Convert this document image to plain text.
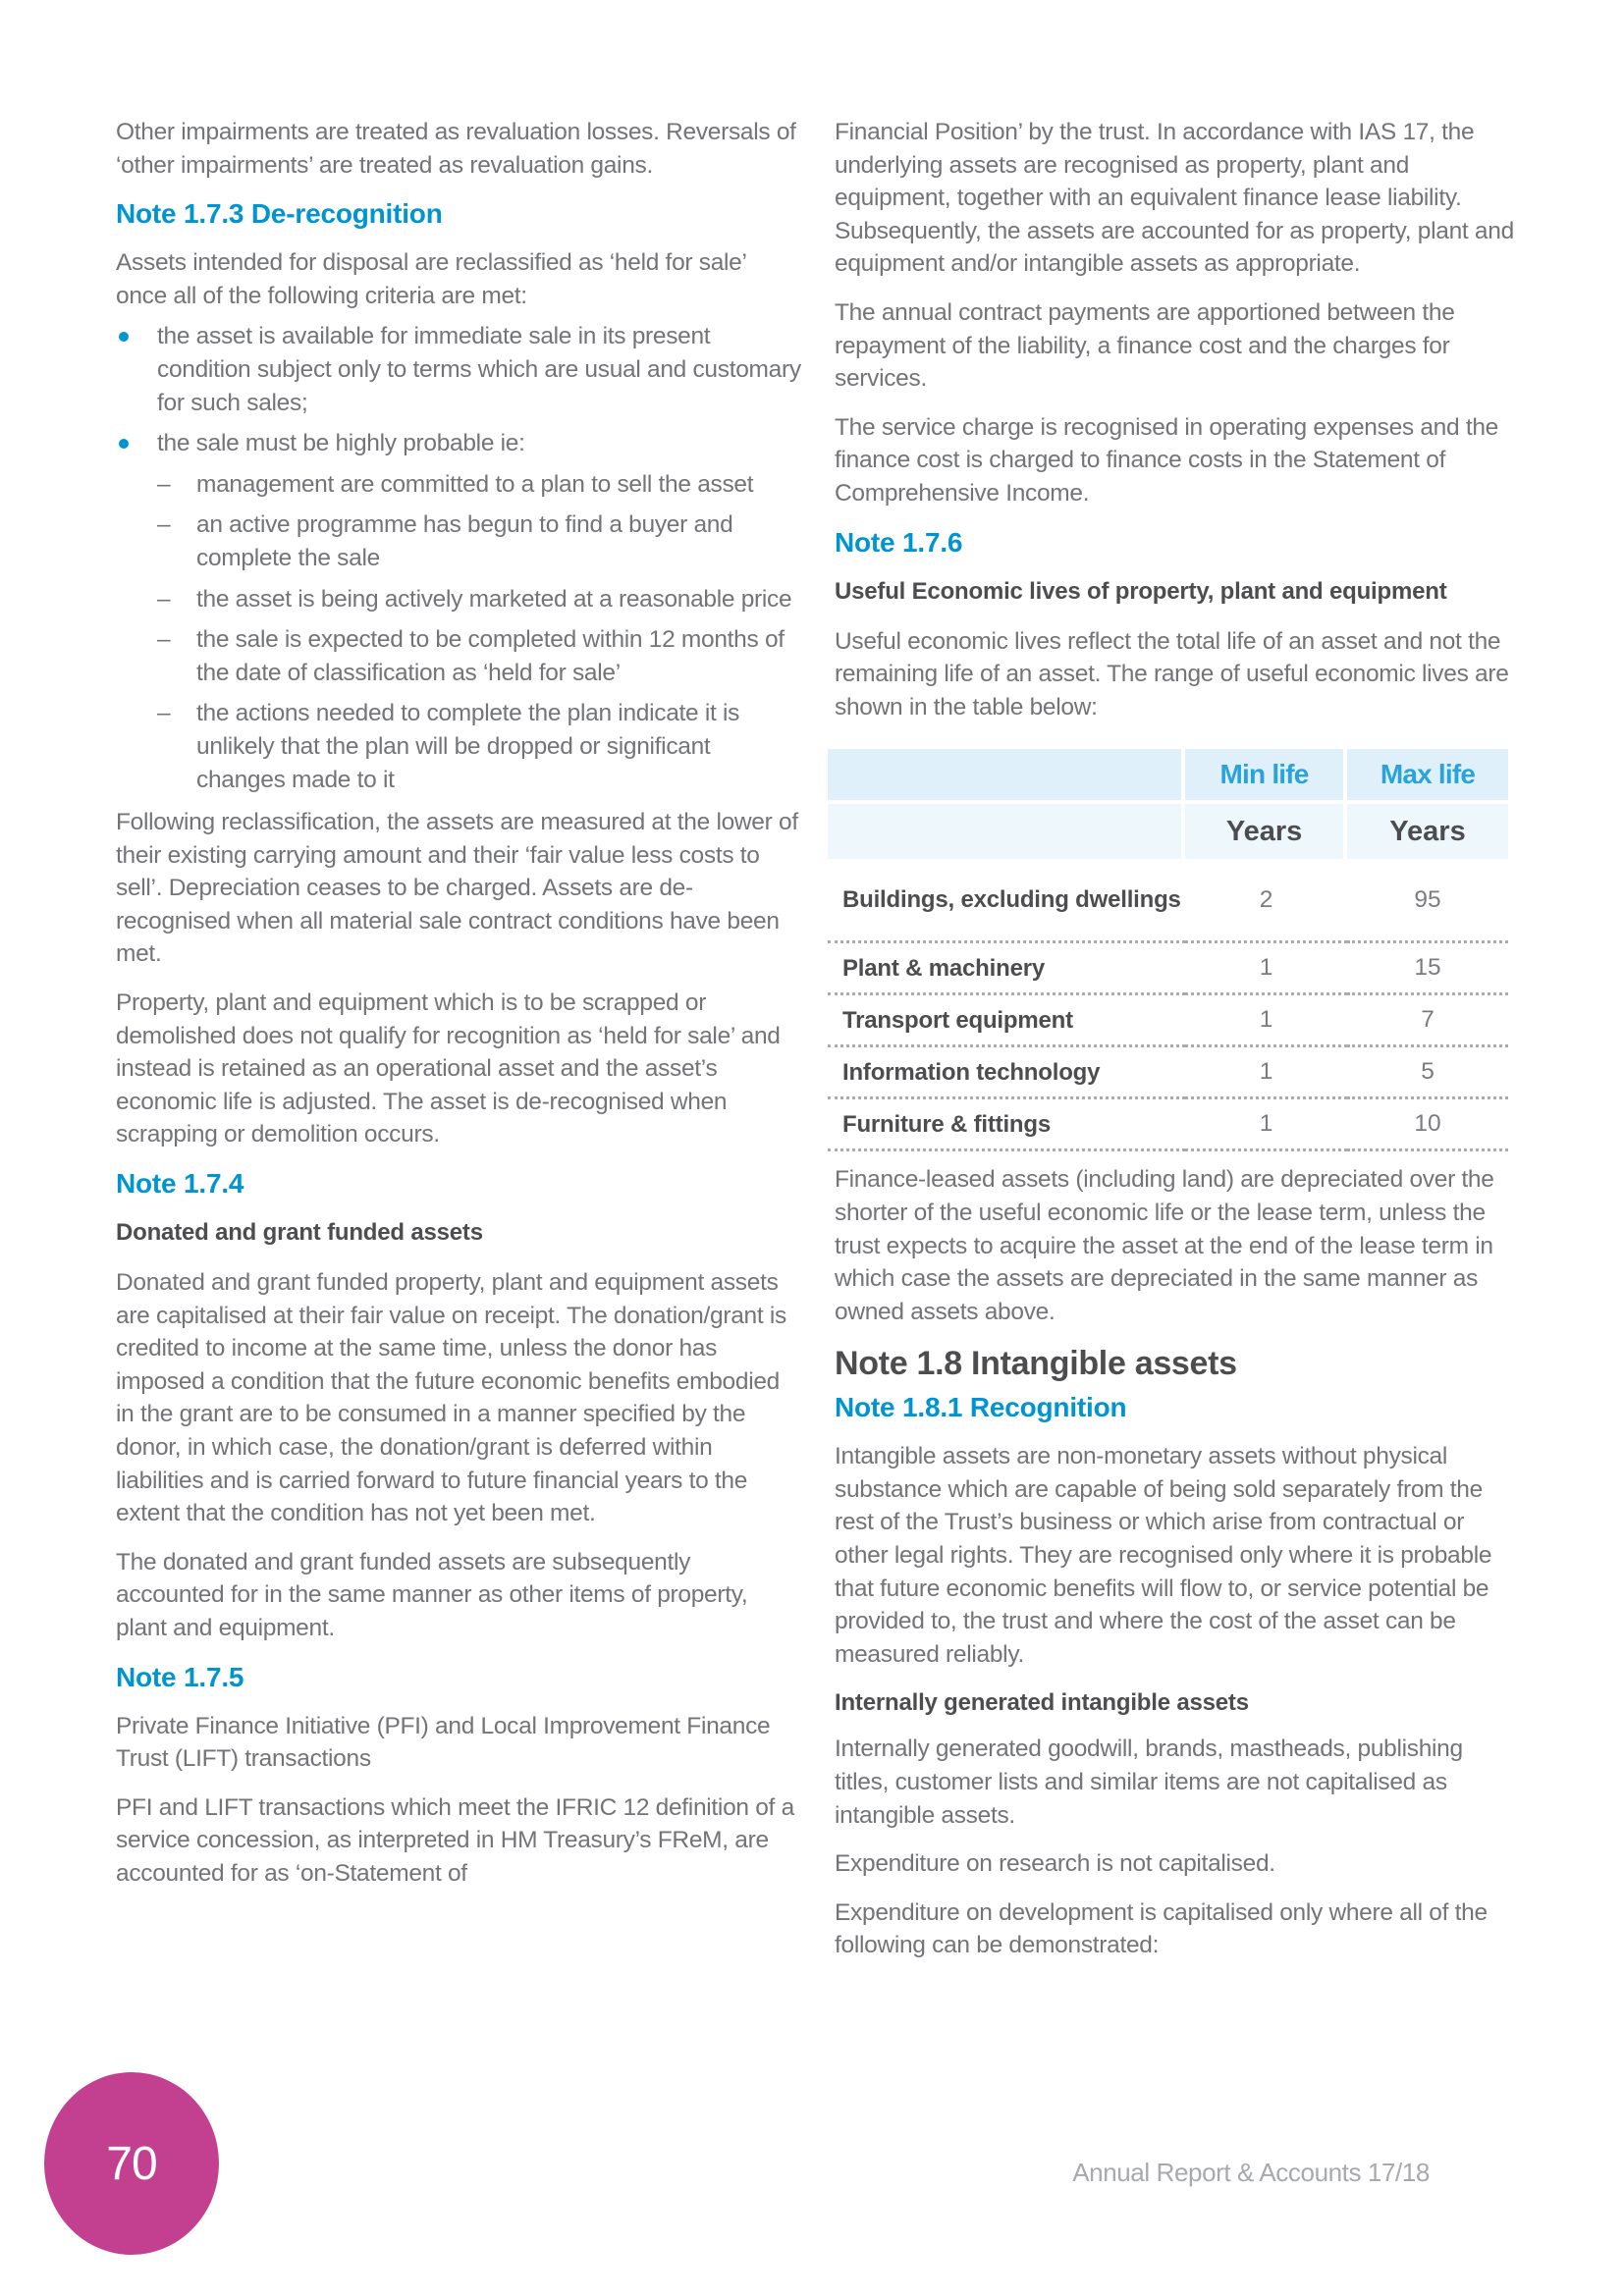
Other impairments are treated as revaluation losses. Reversals of ‘other impairments’ are treated as revaluation gains.

Note 1.7.3 De-recognition

Assets intended for disposal are reclassified as ‘held for sale’ once all of the following criteria are met:

the asset is available for immediate sale in its present condition subject only to terms which are usual and customary for such sales;
the sale must be highly probable ie:
– management are committed to a plan to sell the asset
– an active programme has begun to find a buyer and complete the sale
– the asset is being actively marketed at a reasonable price
– the sale is expected to be completed within 12 months of the date of classification as ‘held for sale’
– the actions needed to complete the plan indicate it is unlikely that the plan will be dropped or significant changes made to it

Following reclassification, the assets are measured at the lower of their existing carrying amount and their ‘fair value less costs to sell’. Depreciation ceases to be charged. Assets are de-recognised when all material sale contract conditions have been met.

Property, plant and equipment which is to be scrapped or demolished does not qualify for recognition as ‘held for sale’ and instead is retained as an operational asset and the asset’s economic life is adjusted. The asset is de-recognised when scrapping or demolition occurs.

Note 1.7.4
Donated and grant funded assets

Donated and grant funded property, plant and equipment assets are capitalised at their fair value on receipt. The donation/grant is credited to income at the same time, unless the donor has imposed a condition that the future economic benefits embodied in the grant are to be consumed in a manner specified by the donor, in which case, the donation/grant is deferred within liabilities and is carried forward to future financial years to the extent that the condition has not yet been met.

The donated and grant funded assets are subsequently accounted for in the same manner as other items of property, plant and equipment.

Note 1.7.5

Private Finance Initiative (PFI) and Local Improvement Finance Trust (LIFT) transactions

PFI and LIFT transactions which meet the IFRIC 12 definition of a service concession, as interpreted in HM Treasury’s FReM, are accounted for as ‘on-Statement of

Financial Position’ by the trust. In accordance with IAS 17, the underlying assets are recognised as property, plant and equipment, together with an equivalent finance lease liability. Subsequently, the assets are accounted for as property, plant and equipment and/or intangible assets as appropriate.

The annual contract payments are apportioned between the repayment of the liability, a finance cost and the charges for services.

The service charge is recognised in operating expenses and the finance cost is charged to finance costs in the Statement of Comprehensive Income.

Note 1.7.6
Useful Economic lives of property, plant and equipment

Useful economic lives reflect the total life of an asset and not the remaining life of an asset. The range of useful economic lives are shown in the table below:

	Min life	Max life
	Years	Years
Buildings, excluding dwellings	2	95
Plant & machinery	1	15
Transport equipment	1	7
Information technology	1	5
Furniture & fittings	1	10

Finance-leased assets (including land) are depreciated over the shorter of the useful economic life or the lease term, unless the trust expects to acquire the asset at the end of the lease term in which case the assets are depreciated in the same manner as owned assets above.

Note 1.8 Intangible assets
Note 1.8.1 Recognition

Intangible assets are non-monetary assets without physical substance which are capable of being sold separately from the rest of the Trust’s business or which arise from contractual or other legal rights. They are recognised only where it is probable that future economic benefits will flow to, or service potential be provided to, the trust and where the cost of the asset can be measured reliably.

Internally generated intangible assets

Internally generated goodwill, brands, mastheads, publishing titles, customer lists and similar items are not capitalised as intangible assets.

Expenditure on research is not capitalised.

Expenditure on development is capitalised only where all of the following can be demonstrated:

70	Annual Report & Accounts 17/18
